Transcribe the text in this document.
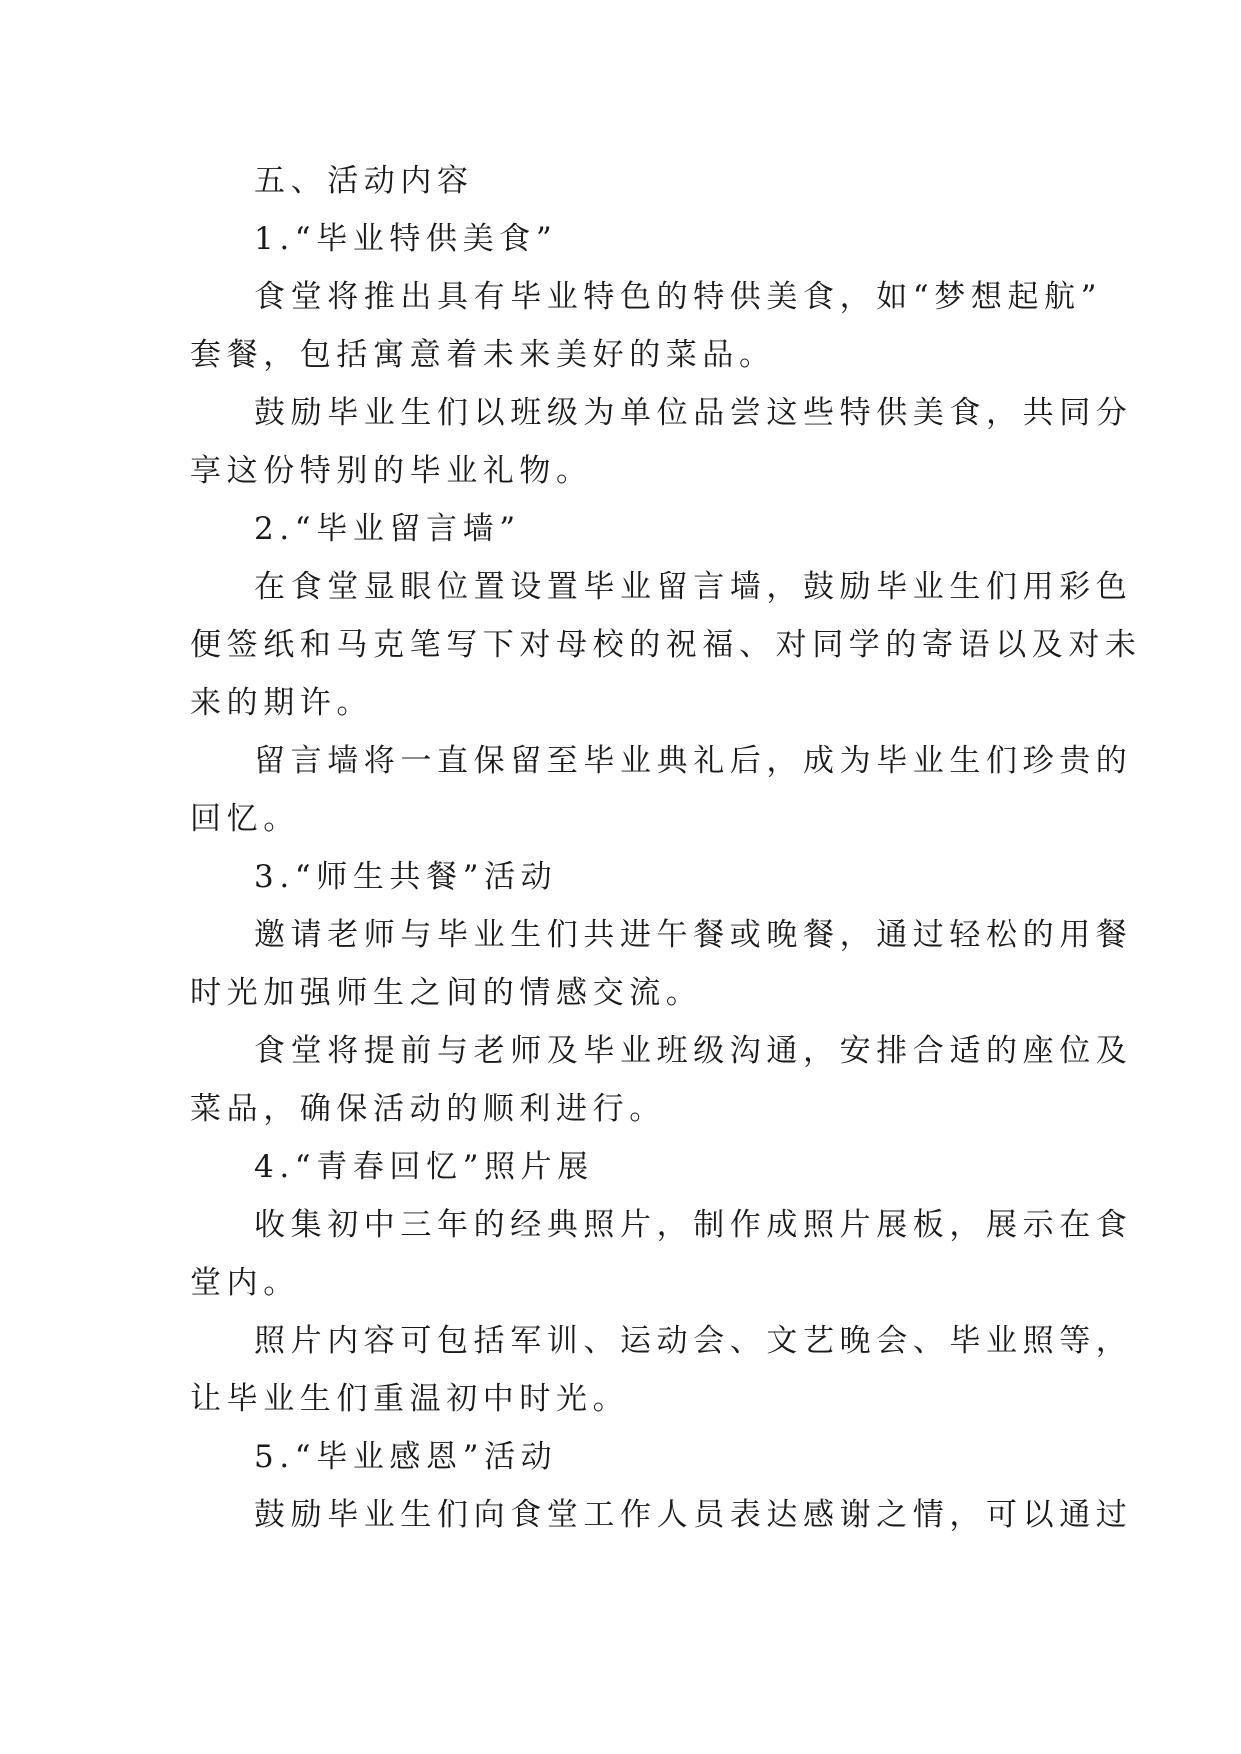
五、活动内容

1.“毕业特供美食”

食堂将推出具有毕业特色的特供美食，如“梦想起航”

套餐，包括寓意着未来美好的菜品。

鼓励毕业生们以班级为单位品尝这些特供美食，共同分

享这份特别的毕业礼物。

2.“毕业留言墙”

在食堂显眼位置设置毕业留言墙，鼓励毕业生们用彩色

便签纸和马克笔写下对母校的祝福、对同学的寄语以及对未

来的期许。

留言墙将一直保留至毕业典礼后，成为毕业生们珍贵的

回忆。

3.“师生共餐”活动

邀请老师与毕业生们共进午餐或晚餐，通过轻松的用餐

时光加强师生之间的情感交流。

食堂将提前与老师及毕业班级沟通，安排合适的座位及

菜品，确保活动的顺利进行。

4.“青春回忆”照片展

收集初中三年的经典照片，制作成照片展板，展示在食

堂内。

照片内容可包括军训、运动会、文艺晚会、毕业照等，

让毕业生们重温初中时光。

5.“毕业感恩”活动

鼓励毕业生们向食堂工作人员表达感谢之情，可以通过
